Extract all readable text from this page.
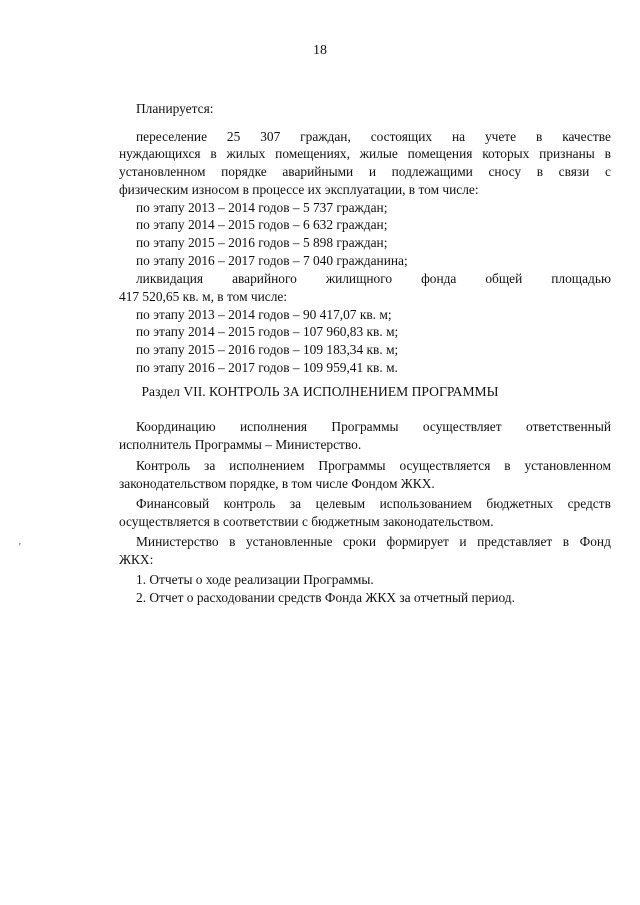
18
Планируется:
переселение 25 307 граждан, состоящих на учете в качестве
нуждающихся в жилых помещениях, жилые помещения которых признаны в
установленном порядке аварийными и подлежащими сносу в связи с
физическим износом в процессе их эксплуатации, в том числе:
по этапу 2013 – 2014 годов – 5 737 граждан;
по этапу 2014 – 2015 годов – 6 632 граждан;
по этапу 2015 – 2016 годов – 5 898 граждан;
по этапу 2016 – 2017 годов – 7 040 гражданина;
ликвидация аварийного жилищного фонда общей площадью
417 520,65 кв. м, в том числе:
по этапу 2013 – 2014 годов – 90 417,07 кв. м;
по этапу 2014 – 2015 годов – 107 960,83 кв. м;
по этапу 2015 – 2016 годов – 109 183,34 кв. м;
по этапу 2016 – 2017 годов – 109 959,41 кв. м.
Раздел VII. КОНТРОЛЬ ЗА ИСПОЛНЕНИЕМ ПРОГРАММЫ
Координацию исполнения Программы осуществляет ответственный
исполнитель Программы – Министерство.
Контроль за исполнением Программы осуществляется в установленном
законодательством порядке, в том числе Фондом ЖКХ.
Финансовый контроль за целевым использованием бюджетных средств
осуществляется в соответствии с бюджетным законодательством.
Министерство в установленные сроки формирует и представляет в Фонд
ЖКХ:
1. Отчеты о ходе реализации Программы.
2. Отчет о расходовании средств Фонда ЖКХ за отчетный период.
'
